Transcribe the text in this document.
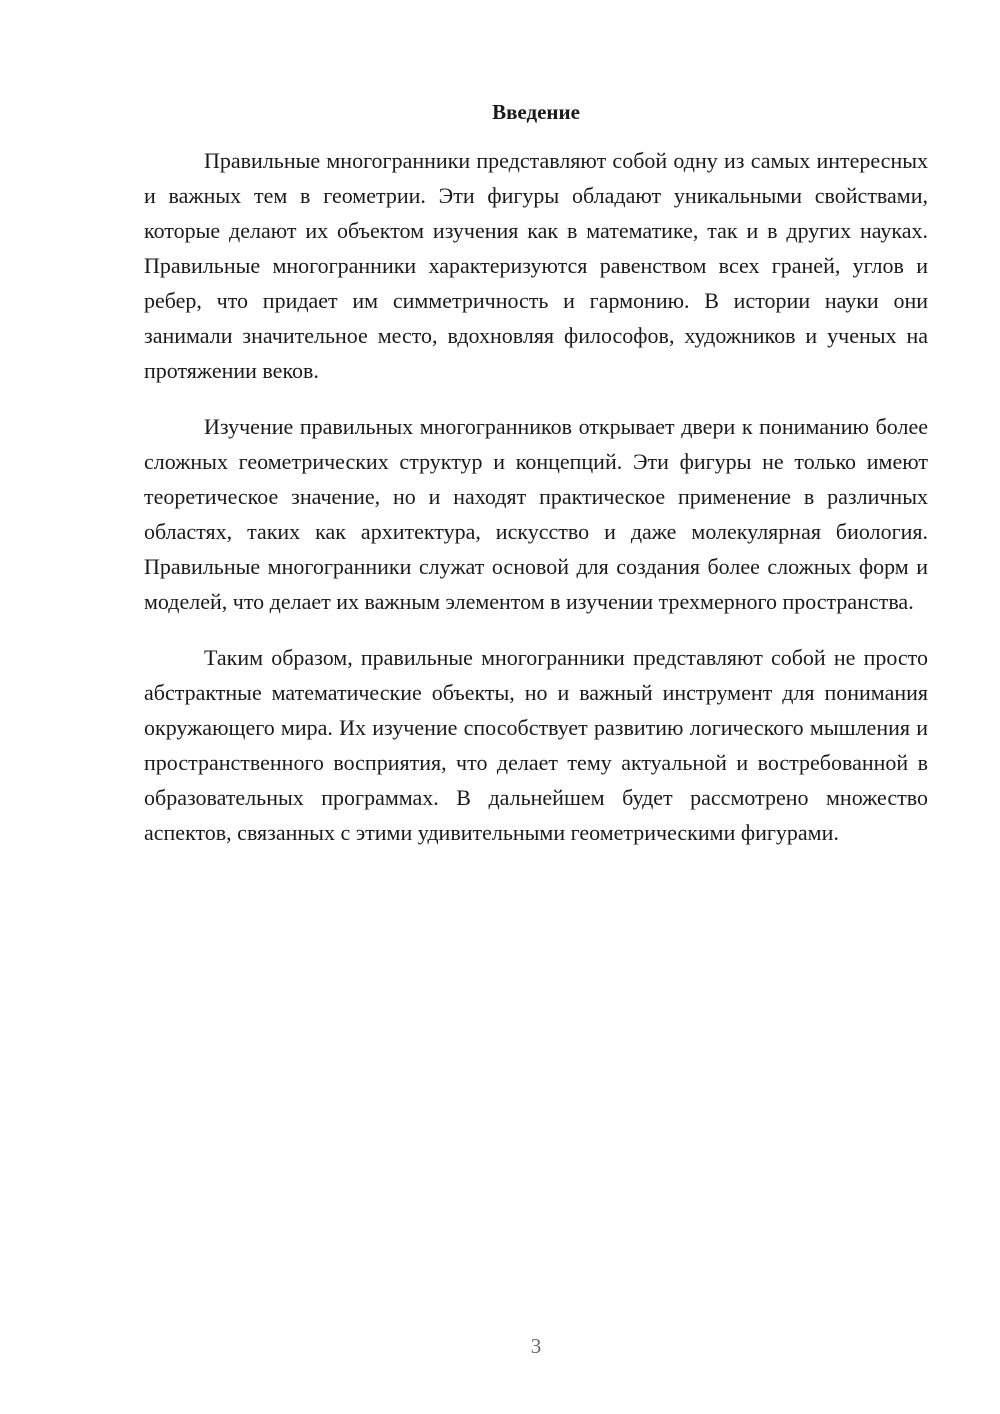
Введение

Правильные многогранники представляют собой одну из самых интересных и важных тем в геометрии. Эти фигуры обладают уникальными свойствами, которые делают их объектом изучения как в математике, так и в других науках. Правильные многогранники характеризуются равенством всех граней, углов и ребер, что придает им симметричность и гармонию. В истории науки они занимали значительное место, вдохновляя философов, художников и ученых на протяжении веков.

Изучение правильных многогранников открывает двери к пониманию более сложных геометрических структур и концепций. Эти фигуры не только имеют теоретическое значение, но и находят практическое применение в различных областях, таких как архитектура, искусство и даже молекулярная биология. Правильные многогранники служат основой для создания более сложных форм и моделей, что делает их важным элементом в изучении трехмерного пространства.

Таким образом, правильные многогранники представляют собой не просто абстрактные математические объекты, но и важный инструмент для понимания окружающего мира. Их изучение способствует развитию логического мышления и пространственного восприятия, что делает тему актуальной и востребованной в образовательных программах. В дальнейшем будет рассмотрено множество аспектов, связанных с этими удивительными геометрическими фигурами.

3
